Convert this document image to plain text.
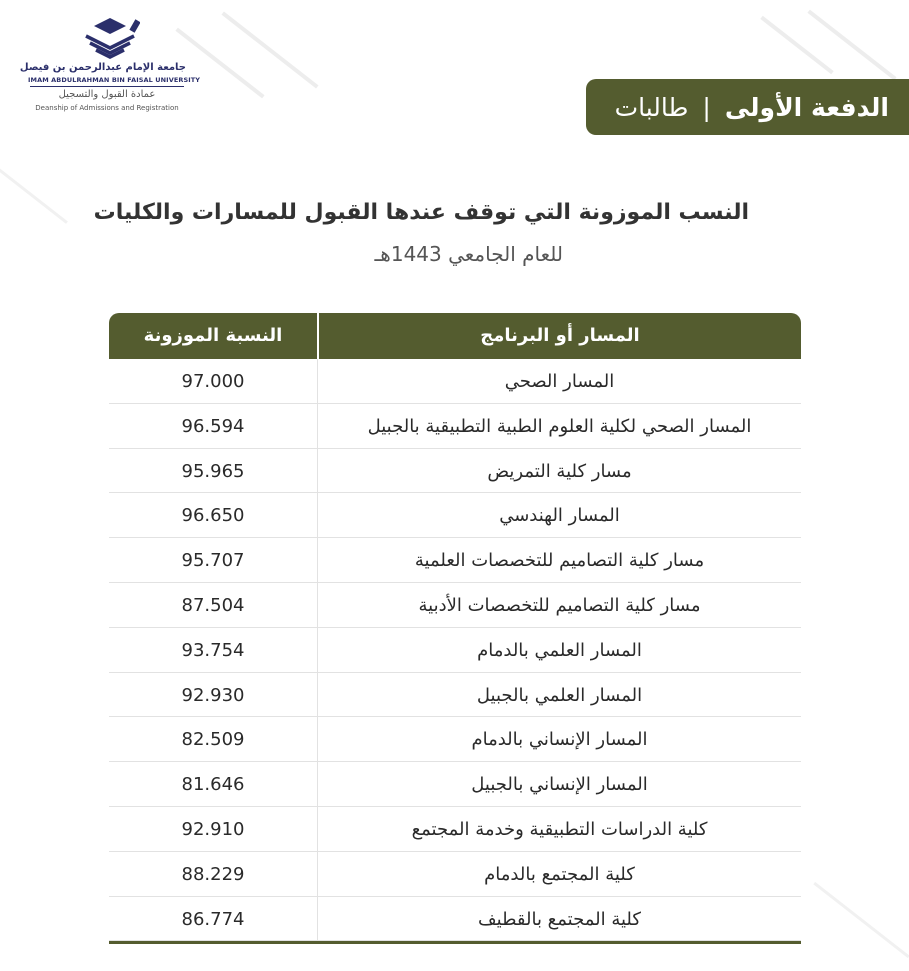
جامعة الإمام عبدالرحمن بن فيصل
IMAM ABDULRAHMAN BIN FAISAL UNIVERSITY
عمادة القبول والتسجيل
Deanship of Admissions and Registration	الدفعة الأولى
|
طالبات
النسب الموزونة التي توقف عندها القبول للمسارات والكليات
للعام الجامعي 1443هـ
المسار أو البرنامج
النسبة الموزونة
المسار الصحي
97.000
المسار الصحي لكلية العلوم الطبية التطبيقية بالجبيل
96.594
مسار كلية التمريض
95.965
المسار الهندسي
96.650
مسار كلية التصاميم للتخصصات العلمية
95.707
مسار كلية التصاميم للتخصصات الأدبية
87.504
المسار العلمي بالدمام
93.754
المسار العلمي بالجبيل
92.930
المسار الإنساني بالدمام
82.509
المسار الإنساني بالجبيل
81.646
كلية الدراسات التطبيقية وخدمة المجتمع
92.910
كلية المجتمع بالدمام
88.229
كلية المجتمع بالقطيف
86.774
